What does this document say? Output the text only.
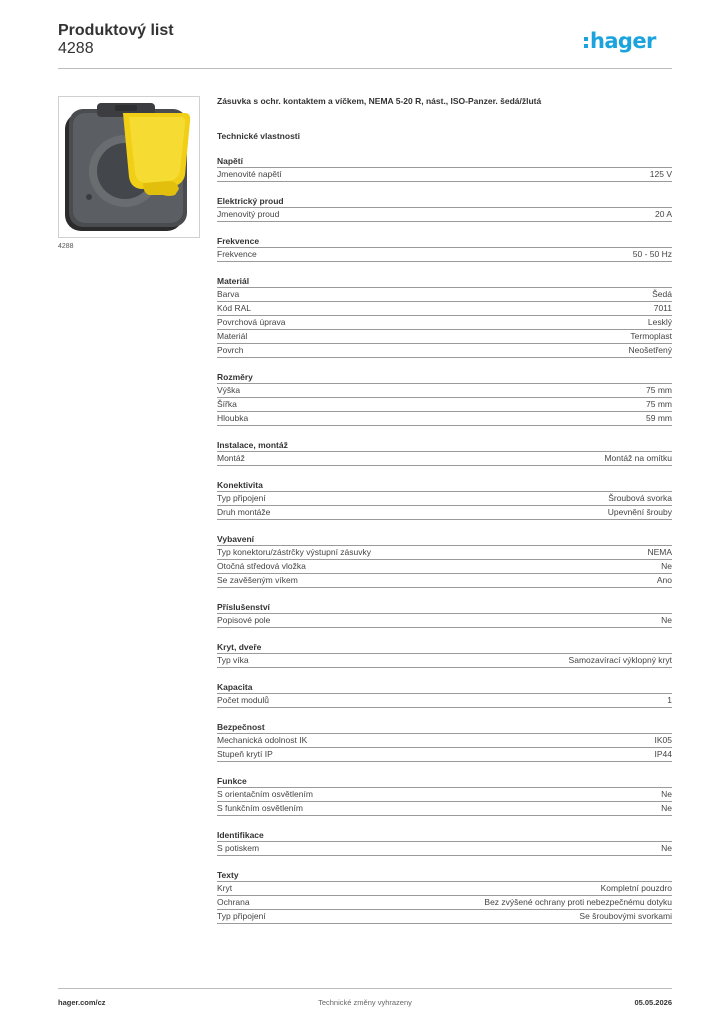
Produktový list
4288	hager
4288
Zásuvka s ochr. kontaktem a víčkem, NEMA 5-20 R, nást., ISO-Panzer. šedá/žlutá
Technické vlastnosti
Napětí
Jmenovité napětí	125 V
Elektrický proud
Jmenovitý proud	20 A
Frekvence
Frekvence	50 - 50 Hz
Materiál
Barva	Šedá
Kód RAL	7011
Povrchová úprava	Lesklý
Materiál	Termoplast
Povrch	Neošetřený
Rozměry
Výška	75 mm
Šířka	75 mm
Hloubka	59 mm
Instalace, montáž
Montáž	Montáž na omítku
Konektivita
Typ připojení	Šroubová svorka
Druh montáže	Upevnění šrouby
Vybavení
Typ konektoru/zástrčky výstupní zásuvky	NEMA
Otočná středová vložka	Ne
Se zavěšeným víkem	Ano
Příslušenství
Popisové pole	Ne
Kryt, dveře
Typ víka	Samozavírací výklopný kryt
Kapacita
Počet modulů	1
Bezpečnost
Mechanická odolnost IK	IK05
Stupeň krytí IP	IP44
Funkce
S orientačním osvětlením	Ne
S funkčním osvětlením	Ne
Identifikace
S potiskem	Ne
Texty
Kryt	Kompletní pouzdro
Ochrana	Bez zvýšené ochrany proti nebezpečnému dotyku
Typ připojení	Se šroubovými svorkami
hager.com/cz	Technické změny vyhrazeny	05.05.2026
